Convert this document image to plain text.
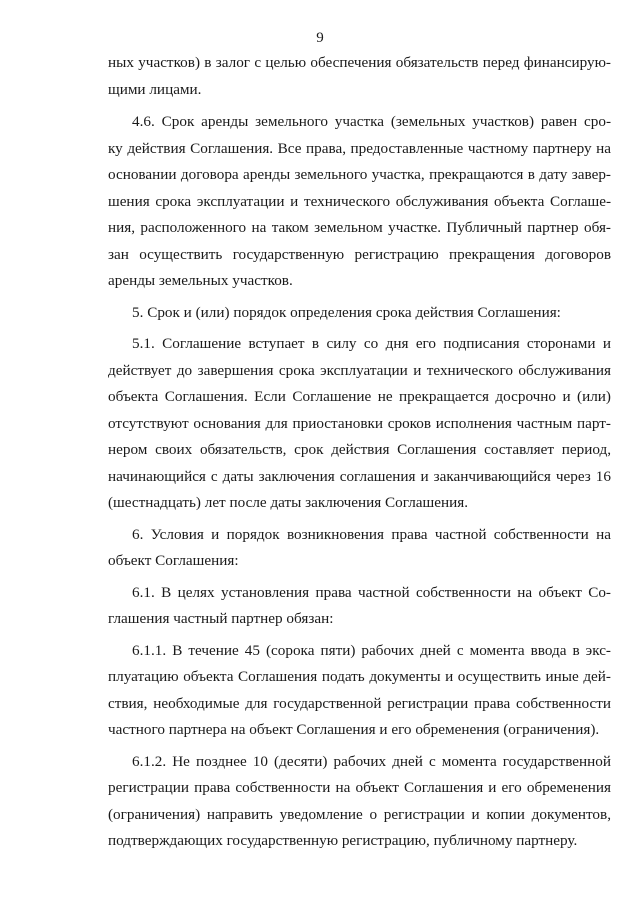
9

ных участков) в залог с целью обеспечения обязательств перед финансирую-
щими лицами.

4.6. Срок аренды земельного участка (земельных участков) равен сро-
ку действия Соглашения. Все права, предоставленные частному партнеру на
основании договора аренды земельного участка, прекращаются в дату завер-
шения срока эксплуатации и технического обслуживания объекта Соглаше-
ния, расположенного на таком земельном участке. Публичный партнер обя-
зан осуществить государственную регистрацию прекращения договоров
аренды земельных участков.

5. Срок и (или) порядок определения срока действия Соглашения:

5.1. Соглашение вступает в силу со дня его подписания сторонами и
действует до завершения срока эксплуатации и технического обслуживания
объекта Соглашения. Если Соглашение не прекращается досрочно и (или)
отсутствуют основания для приостановки сроков исполнения частным парт-
нером своих обязательств, срок действия Соглашения составляет период,
начинающийся с даты заключения соглашения и заканчивающийся через 16
(шестнадцать) лет после даты заключения Соглашения.

6. Условия и порядок возникновения права частной собственности на
объект Соглашения:

6.1. В целях установления права частной собственности на объект Со-
глашения частный партнер обязан:

6.1.1. В течение 45 (сорока пяти) рабочих дней с момента ввода в экс-
плуатацию объекта Соглашения подать документы и осуществить иные дей-
ствия, необходимые для государственной регистрации права собственности
частного партнера на объект Соглашения и его обременения (ограничения).

6.1.2. Не позднее 10 (десяти) рабочих дней с момента государственной
регистрации права собственности на объект Соглашения и его обременения
(ограничения) направить уведомление о регистрации и копии документов,
подтверждающих государственную регистрацию, публичному партнеру.
